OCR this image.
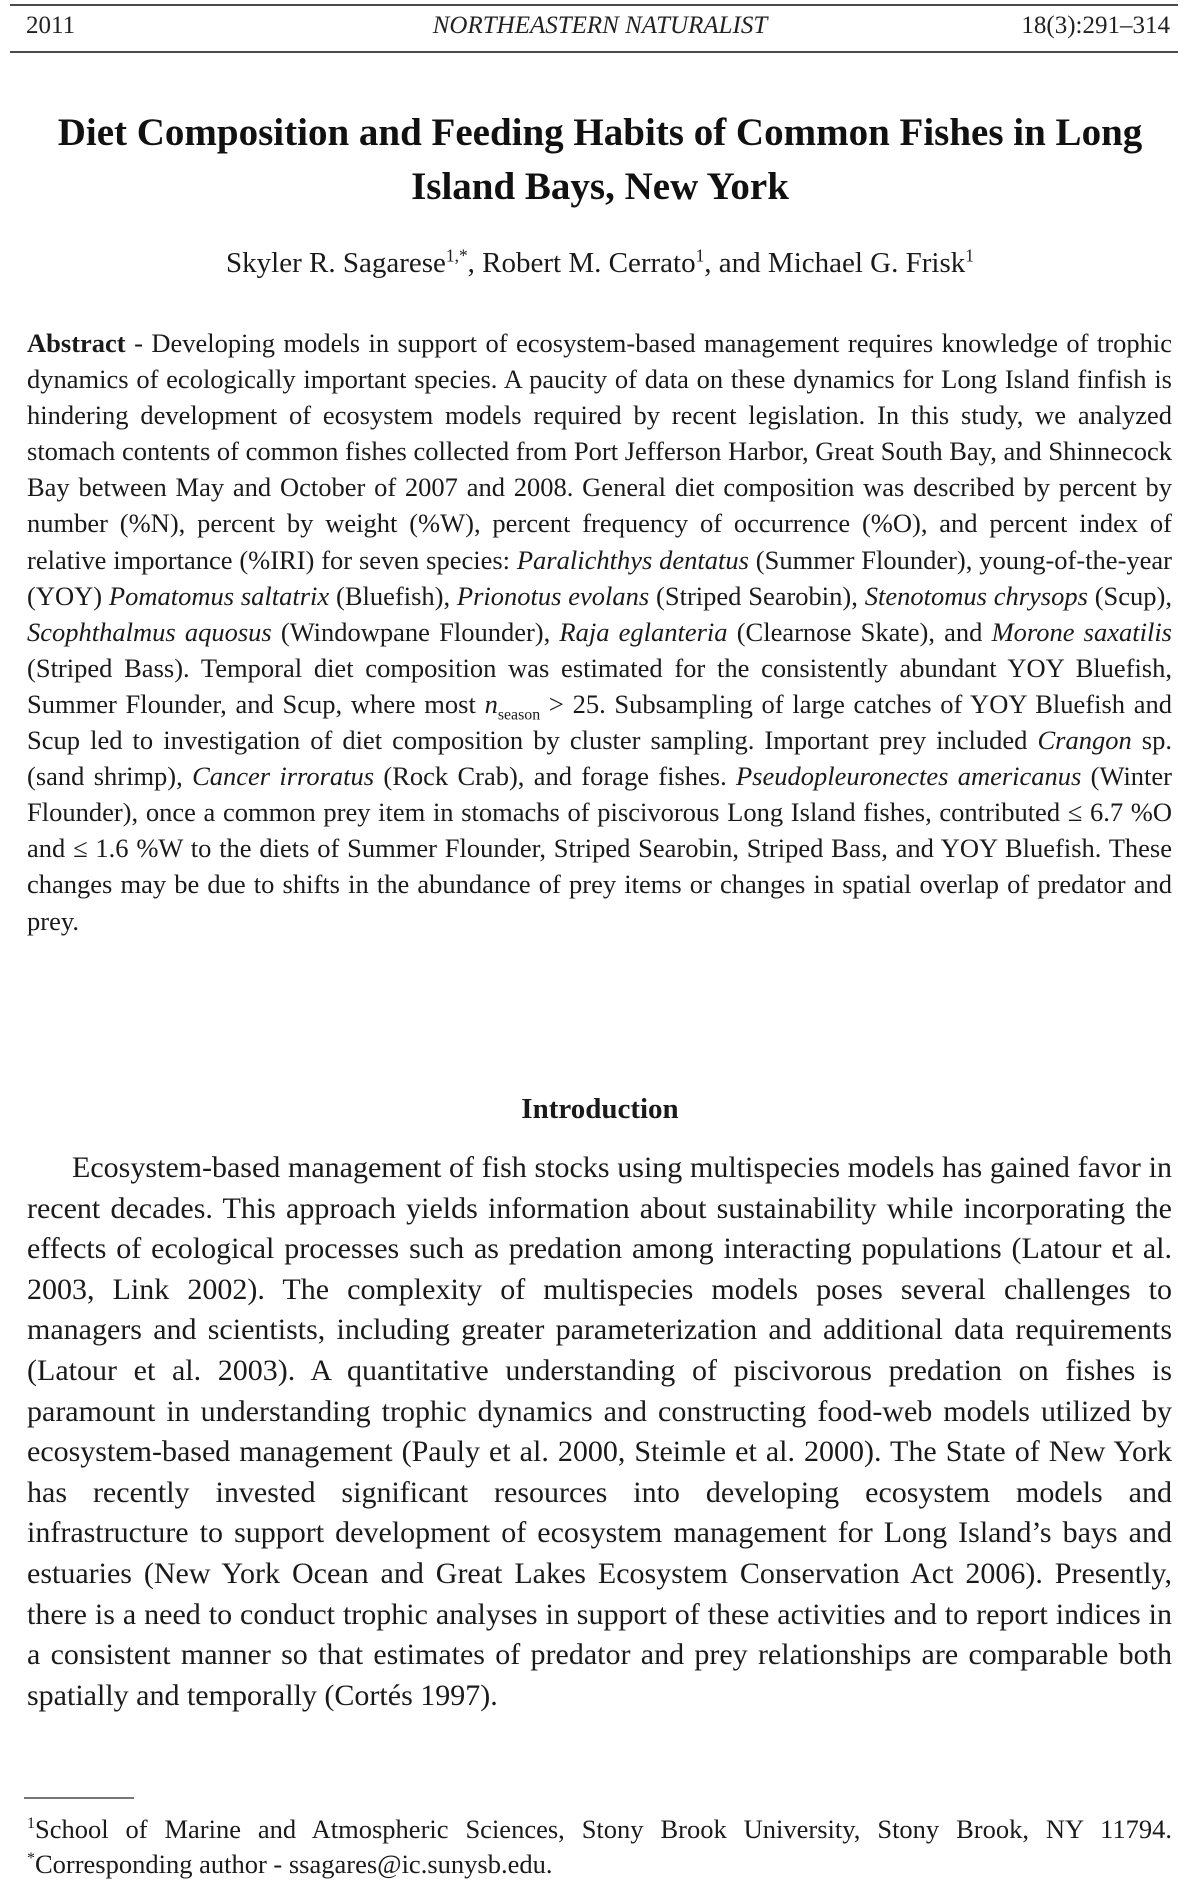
2011	NORTHEASTERN NATURALIST	18(3):291–314
Diet Composition and Feeding Habits of Common Fishes in Long Island Bays, New York
Skyler R. Sagarese$^{1,*}$, Robert M. Cerrato$^1$, and Michael G. Frisk$^1$
Abstract - Developing models in support of ecosystem-based management requires knowledge of trophic dynamics of ecologically important species. A paucity of data on these dynamics for Long Island finfish is hindering development of ecosystem models required by recent legislation. In this study, we analyzed stomach contents of common fishes collected from Port Jefferson Harbor, Great South Bay, and Shinnecock Bay between May and October of 2007 and 2008. General diet composition was described by percent by number (%N), percent by weight (%W), percent frequency of occurrence (%O), and percent index of relative importance (%IRI) for seven species: Paralichthys dentatus (Summer Flounder), young-of-the-year (YOY) Pomatomus saltatrix (Bluefish), Prionotus evolans (Striped Searobin), Stenotomus chrysops (Scup), Scophthalmus aquosus (Windowpane Flounder), Raja eglanteria (Clearnose Skate), and Morone saxatilis (Striped Bass). Temporal diet composition was estimated for the consistently abundant YOY Bluefish, Summer Flounder, and Scup, where most $n_{season} > 25$. Subsampling of large catches of YOY Bluefish and Scup led to investigation of diet composition by cluster sampling. Important prey included Crangon sp. (sand shrimp), Cancer irroratus (Rock Crab), and forage fishes. Pseudopleuronectes americanus (Winter Flounder), once a common prey item in stomachs of piscivorous Long Island fishes, contributed ≤ 6.7 %O and ≤ 1.6 %W to the diets of Summer Flounder, Striped Searobin, Striped Bass, and YOY Bluefish. These changes may be due to shifts in the abundance of prey items or changes in spatial overlap of predator and prey.
Introduction

Ecosystem-based management of fish stocks using multispecies models has gained favor in recent decades. This approach yields information about sustainability while incorporating the effects of ecological processes such as predation among interacting populations (Latour et al. 2003, Link 2002). The complexity of multispecies models poses several challenges to managers and scientists, including greater parameterization and additional data requirements (Latour et al. 2003). A quantitative understanding of piscivorous predation on fishes is paramount in understanding trophic dynamics and constructing food-web models utilized by ecosystem-based management (Pauly et al. 2000, Steimle et al. 2000). The State of New York has recently invested significant resources into developing ecosystem models and infrastructure to support development of ecosystem management for Long Island’s bays and estuaries (New York Ocean and Great Lakes Ecosystem Conservation Act 2006). Presently, there is a need to conduct trophic analyses in support of these activities and to report indices in a consistent manner so that estimates of predator and prey relationships are comparable both spatially and temporally (Cortés 1997).

$^1$School of Marine and Atmospheric Sciences, Stony Brook University, Stony Brook, NY 11794. *Corresponding author - ssagares@ic.sunysb.edu.
